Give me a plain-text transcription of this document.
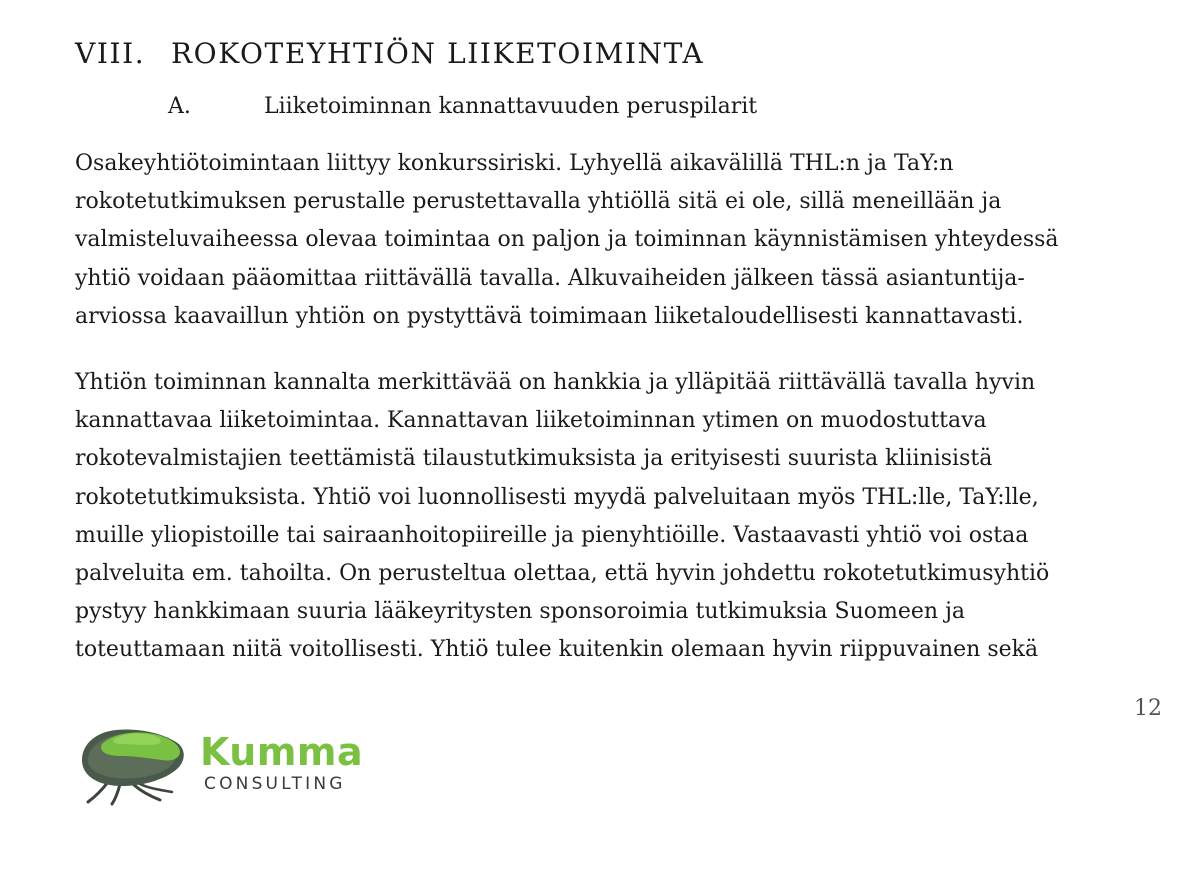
VIII. ROKOTEYHTIÖN LIIKETOIMINTA
A.	Liiketoiminnan kannattavuuden peruspilarit

Osakeyhtiötoimintaan liittyy konkurssiriski. Lyhyellä aikavälillä THL:n ja TaY:n
rokotetutkimuksen perustalle perustettavalla yhtiöllä sitä ei ole, sillä meneillään ja
valmisteluvaiheessa olevaa toimintaa on paljon ja toiminnan käynnistämisen yhteydessä
yhtiö voidaan pääomittaa riittävällä tavalla. Alkuvaiheiden jälkeen tässä asiantuntija-
arviossa kaavaillun yhtiön on pystyttävä toimimaan liiketaloudellisesti kannattavasti.

Yhtiön toiminnan kannalta merkittävää on hankkia ja ylläpitää riittävällä tavalla hyvin
kannattavaa liiketoimintaa. Kannattavan liiketoiminnan ytimen on muodostuttava
rokotevalmistajien teettämistä tilaustutkimuksista ja erityisesti suurista kliinisistä
rokotetutkimuksista. Yhtiö voi luonnollisesti myydä palveluitaan myös THL:lle, TaY:lle,
muille yliopistoille tai sairaanhoitopiireille ja pienyhtiöille. Vastaavasti yhtiö voi ostaa
palveluita em. tahoilta. On perusteltua olettaa, että hyvin johdettu rokotetutkimusyhtiö
pystyy hankkimaan suuria lääkeyritysten sponsoroimia tutkimuksia Suomeen ja
toteuttamaan niitä voitollisesti. Yhtiö tulee kuitenkin olemaan hyvin riippuvainen sekä

12
Kumma
CONSULTING
